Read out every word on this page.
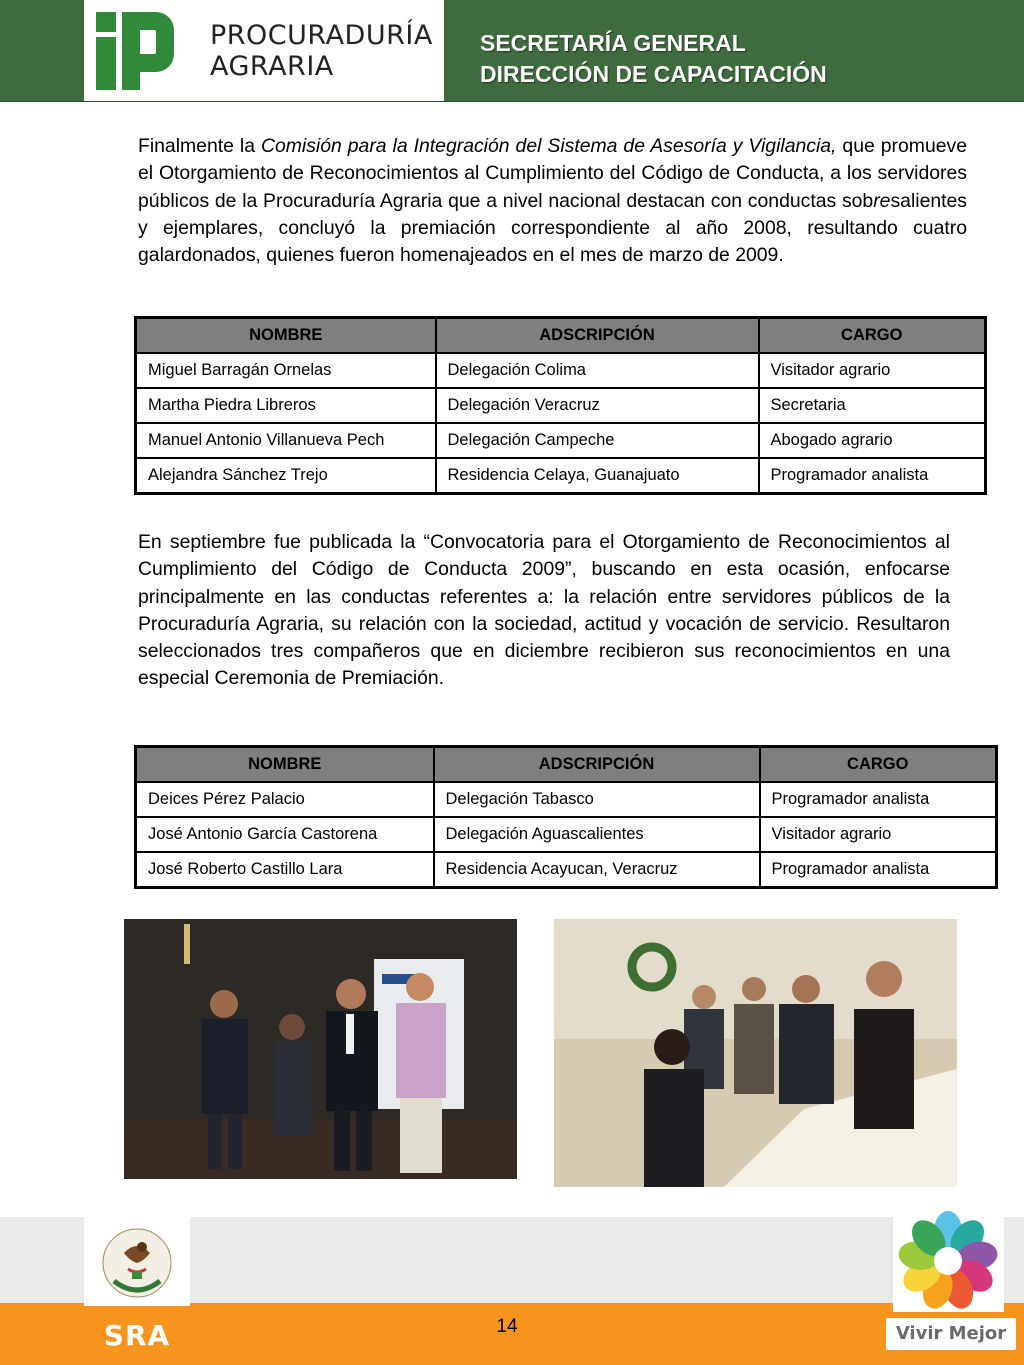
PROCURADURÍA
AGRARIA
SECRETARÍA GENERAL
DIRECCIÓN DE CAPACITACIÓN
Finalmente la Comisión para la Integración del Sistema de Asesoría y Vigilancia, que promueve el Otorgamiento de Reconocimientos al Cumplimiento del Código de Conducta, a los servidores públicos de la Procuraduría Agraria que a nivel nacional destacan con conductas sobresalientes y ejemplares, concluyó la premiación correspondiente al año 2008, resultando cuatro galardonados, quienes fueron homenajeados en el mes de marzo de 2009.
NOMBRE	ADSCRIPCIÓN	CARGO
Miguel Barragán Ornelas	Delegación Colima	Visitador agrario
Martha Piedra Libreros	Delegación Veracruz	Secretaria
Manuel Antonio Villanueva Pech	Delegación Campeche	Abogado agrario
Alejandra Sánchez Trejo	Residencia Celaya, Guanajuato	Programador analista
En septiembre fue publicada la “Convocatoria para el Otorgamiento de Reconocimientos al Cumplimiento del Código de Conducta 2009”, buscando en esta ocasión, enfocarse principalmente en las conductas referentes a: la relación entre servidores públicos de la Procuraduría Agraria, su relación con la sociedad, actitud y vocación de servicio. Resultaron seleccionados tres compañeros que en diciembre recibieron sus reconocimientos en una especial Ceremonia de Premiación.
NOMBRE	ADSCRIPCIÓN	CARGO
Deices Pérez Palacio	Delegación Tabasco	Programador analista
José Antonio García Castorena	Delegación Aguascalientes	Visitador agrario
José Roberto Castillo Lara	Residencia Acayucan, Veracruz	Programador analista
SRA	14	Vivir Mejor
